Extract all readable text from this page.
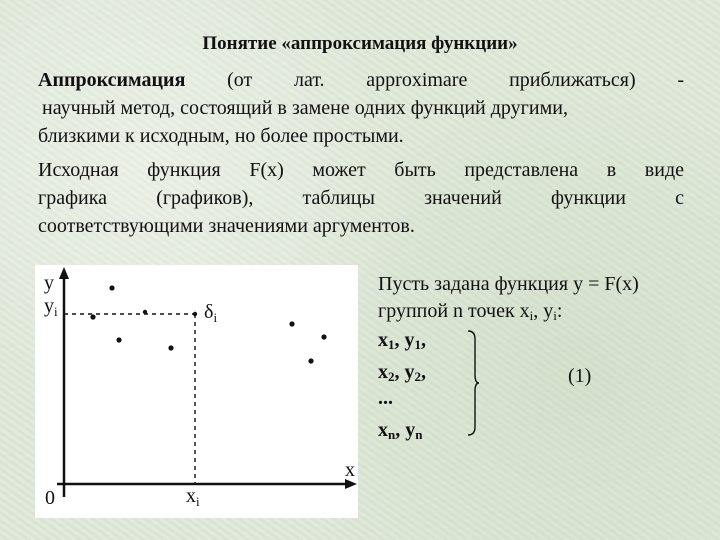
Понятие «аппроксимация функции»
Аппроксимация (от лат. approximare приближаться) -
научный метод, состоящий в замене одних функций другими,
близкими к исходным, но более простыми.
Исходная функция F(x) может быть представлена в виде
графика (графиков), таблицы значений функции с
соответствующими значениями аргументов.
y
$y_i$
x
0	$x_i$
$\delta_i$
Пусть задана функция y = F(x)
группой n точек $x_i$, $y_i$:
$x_1$, $y_1$,
$x_2$, $y_2$,
...
$x_n$, $y_n$
(1)
